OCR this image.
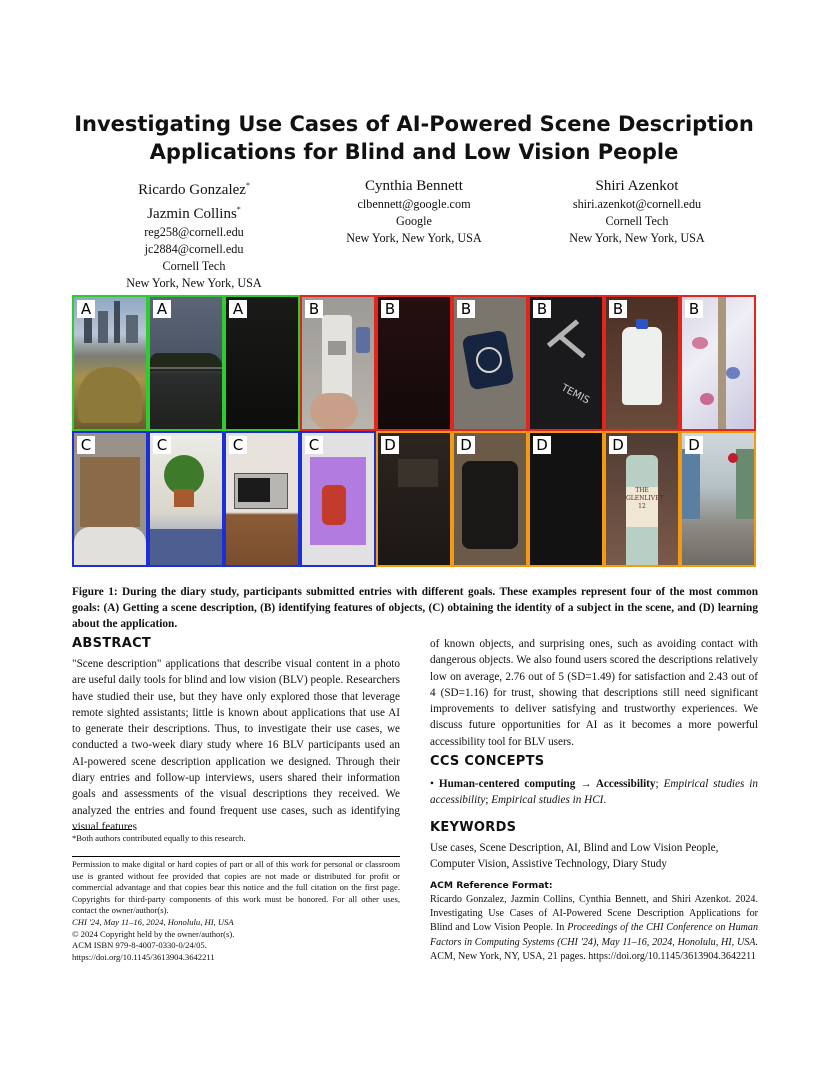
Investigating Use Cases of AI-Powered Scene Description
Applications for Blind and Low Vision People
Ricardo Gonzalez*
Jazmin Collins*
reg258@cornell.edu
jc2884@cornell.edu
Cornell Tech
New York, New York, USA
Cynthia Bennett
clbennett@google.com
Google
New York, New York, USA
Shiri Azenkot
shiri.azenkot@cornell.edu
Cornell Tech
New York, New York, USA
A	A	A	B	B	B
TEMIS
B	B	B
C	C	C	C	D	D	D
THE
GLENLIVET
12
D	D

Figure 1: During the diary study, participants submitted entries with different goals. These examples represent four of the most common goals: (A) Getting a scene description, (B) identifying features of objects, (C) obtaining the identity of a subject in the scene, and (D) learning about the application.

ABSTRACT

"Scene description" applications that describe visual content in a photo are useful daily tools for blind and low vision (BLV) people. Researchers have studied their use, but they have only explored those that leverage remote sighted assistants; little is known about applications that use AI to generate their descriptions. Thus, to investigate their use cases, we conducted a two-week diary study where 16 BLV participants used an AI-powered scene description application we designed. Through their diary entries and follow-up interviews, users shared their information goals and assessments of the visual descriptions they received. We analyzed the entries and found frequent use cases, such as identifying visual features

*Both authors contributed equally to this research.
Permission to make digital or hard copies of part or all of this work for personal or classroom use is granted without fee provided that copies are not made or distributed for profit or commercial advantage and that copies bear this notice and the full citation on the first page. Copyrights for third-party components of this work must be honored. For all other uses, contact the owner/author(s).
CHI '24, May 11–16, 2024, Honolulu, HI, USA
© 2024 Copyright held by the owner/author(s).
ACM ISBN 979-8-4007-0330-0/24/05.
https://doi.org/10.1145/3613904.3642211

of known objects, and surprising ones, such as avoiding contact with dangerous objects. We also found users scored the descriptions relatively low on average, 2.76 out of 5 (SD=1.49) for satisfaction and 2.43 out of 4 (SD=1.16) for trust, showing that descriptions still need significant improvements to deliver satisfying and trustworthy experiences. We discuss future opportunities for AI as it becomes a more powerful accessibility tool for BLV users.

CCS CONCEPTS

• Human-centered computing → Accessibility; Empirical studies in accessibility; Empirical studies in HCI.

KEYWORDS

Use cases, Scene Description, AI, Blind and Low Vision People, Computer Vision, Assistive Technology, Diary Study

ACM Reference Format:

Ricardo Gonzalez, Jazmin Collins, Cynthia Bennett, and Shiri Azenkot. 2024. Investigating Use Cases of AI-Powered Scene Description Applications for Blind and Low Vision People. In Proceedings of the CHI Conference on Human Factors in Computing Systems (CHI '24), May 11–16, 2024, Honolulu, HI, USA. ACM, New York, NY, USA, 21 pages. https://doi.org/10.1145/3613904.3642211
